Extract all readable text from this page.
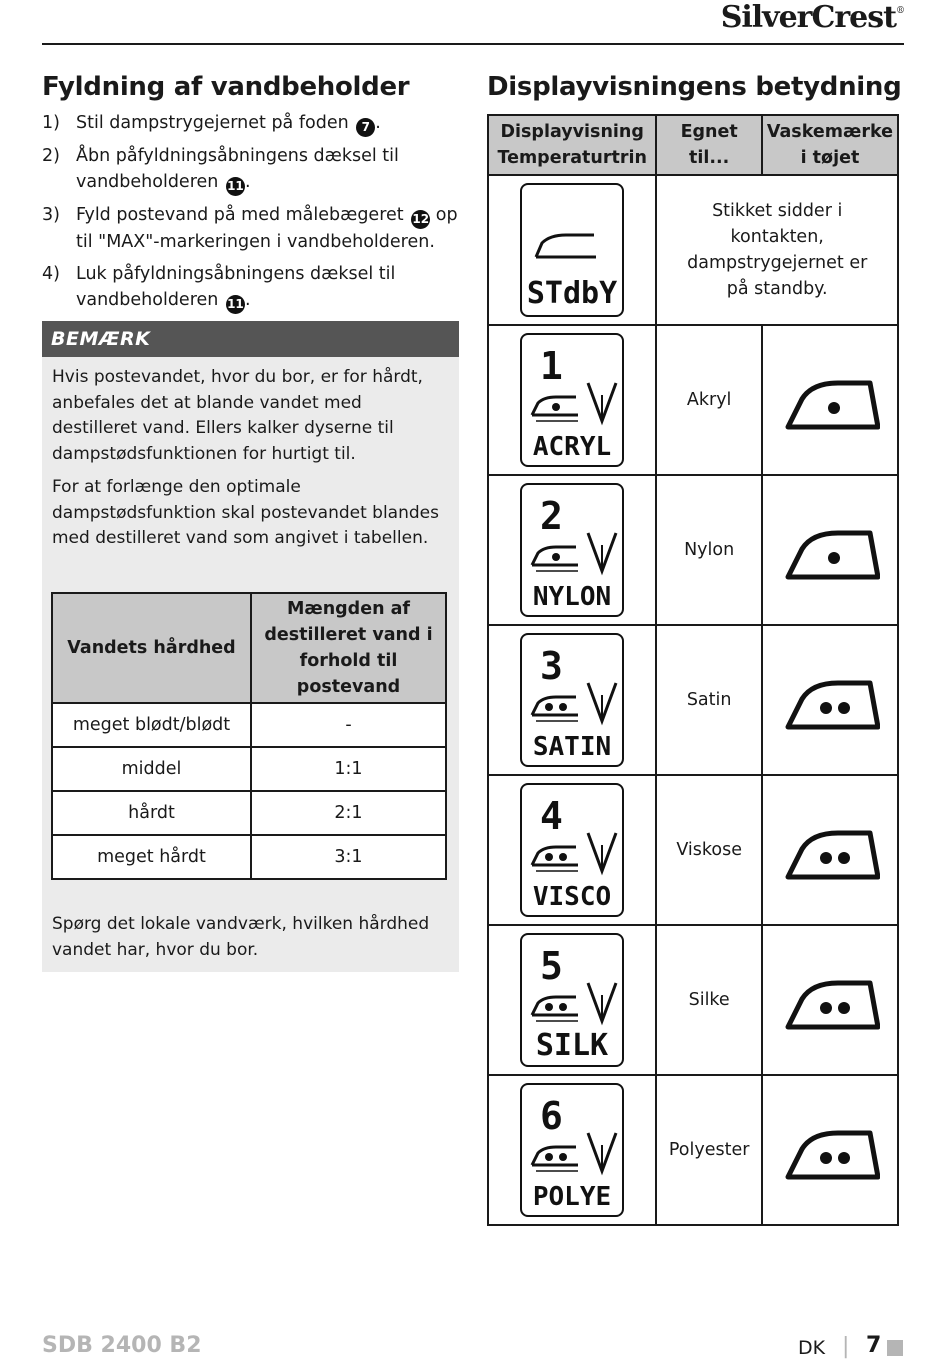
SilverCrest®
Fyldning af vandbeholder
1) Stil dampstrygejernet på foden 7 .
2) Åbn påfyldningsåbningens dæksel til vandbeholderen 11.
3) Fyld postevand på med målebægeret 12 op til "MAX"-markeringen i vandbeholderen.
4) Luk påfyldningsåbningens dæksel til vandbeholderen 11.
BEMÆRK

Hvis postevandet, hvor du bor, er for hårdt, anbefales det at blande vandet med destilleret vand. Ellers kalker dyserne til dampstødsfunktionen for hurtigt til.

For at forlænge den optimale dampstødsfunktion skal postevandet blandes med destilleret vand som angivet i tabellen.

Spørg det lokale vandværk, hvilken hårdhed vandet har, hvor du bor.

Vandets hårdhed	Mængden af destilleret vand i forhold til postevand
meget blødt/blødt	-
middel	1:1
hårdt	2:1
meget hårdt	3:1
Displayvisningens betydning
Displayvisning Temperaturtrin	Egnet til...	Vaskemærke i tøjet

STdbY	Stikket sidder i kontakten, dampstrygejernet er på standby.	

1
ACRYL	Akryl	

2
NYLON	Nylon	

3
SATIN	Satin	

4
VISCO	Viskose	

5
SILK	Silke	

6
POLYE	Polyester	
SDB 2400 B2	DK | 7
